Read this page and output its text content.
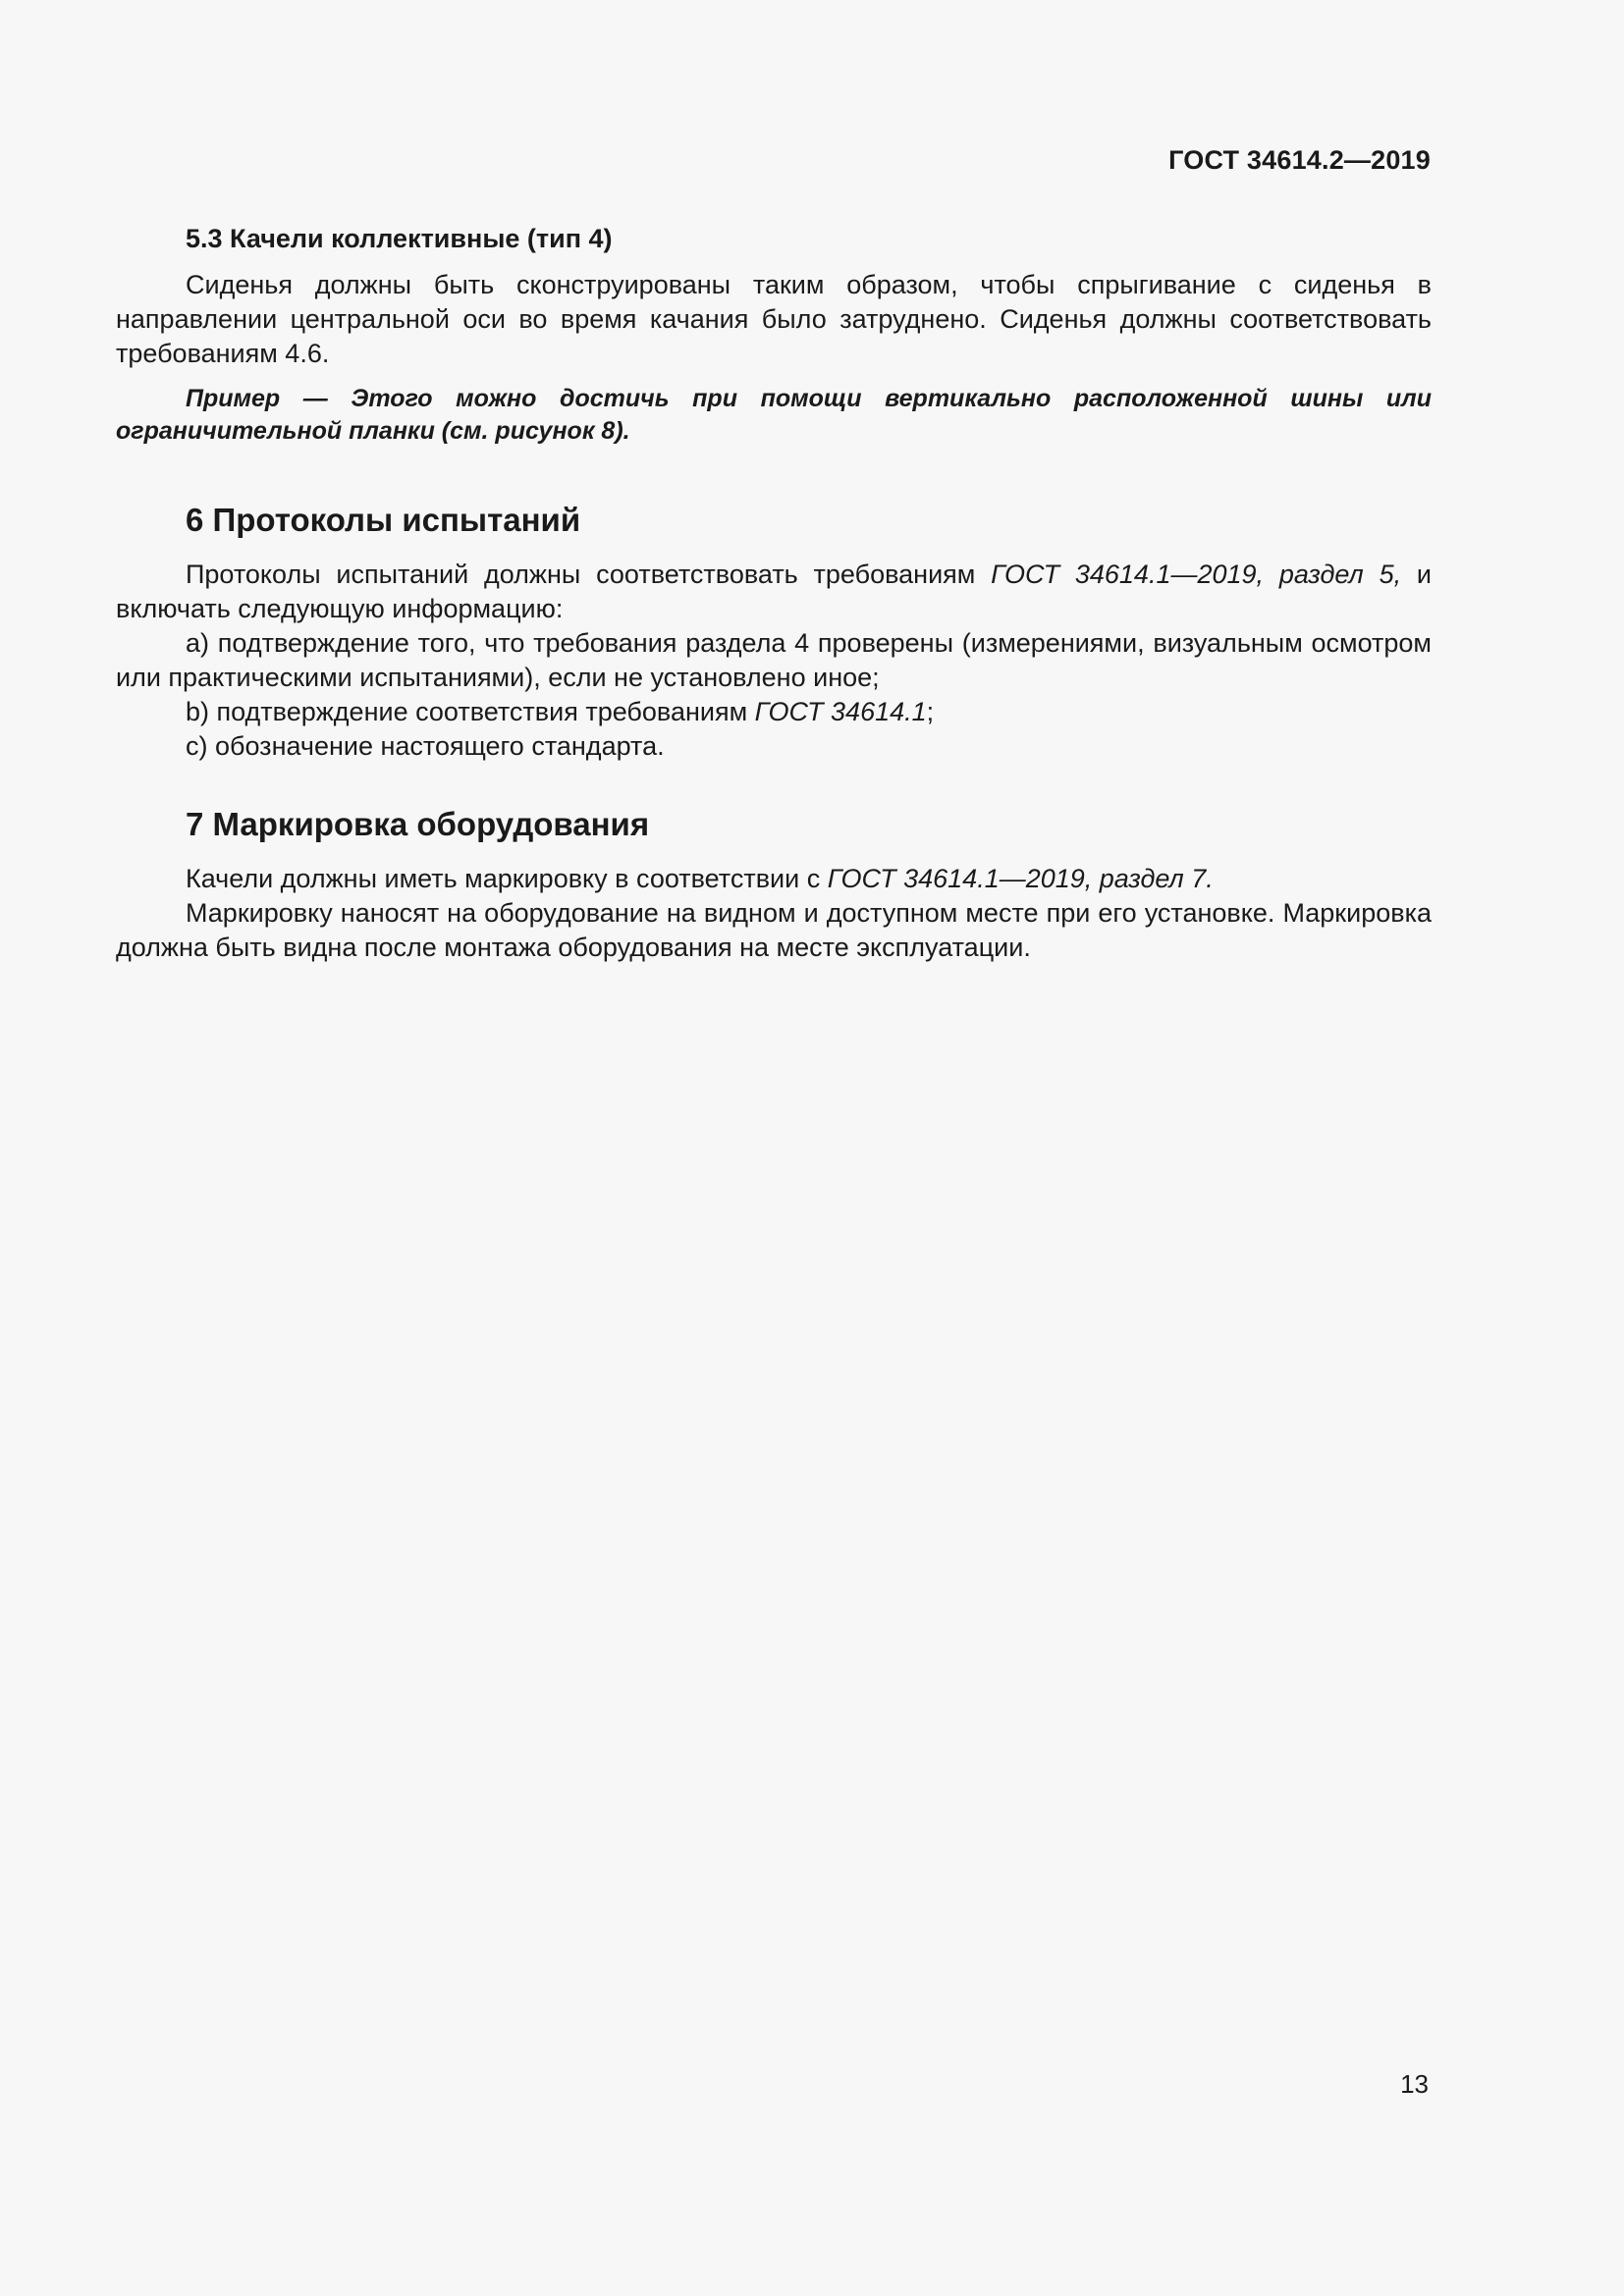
ГОСТ 34614.2—2019
5.3 Качели коллективные (тип 4)

Сиденья должны быть сконструированы таким образом, чтобы спрыгивание с сиденья в направлении центральной оси во время качания было затруднено. Сиденья должны соответствовать требованиям 4.6.

Пример — Этого можно достичь при помощи вертикально расположенной шины или ограничительной планки (см. рисунок 8).

6 Протоколы испытаний

Протоколы испытаний должны соответствовать требованиям ГОСТ 34614.1—2019, раздел 5, и включать следующую информацию:

a) подтверждение того, что требования раздела 4 проверены (измерениями, визуальным осмотром или практическими испытаниями), если не установлено иное;

b) подтверждение соответствия требованиям ГОСТ 34614.1;

c) обозначение настоящего стандарта.

7 Маркировка оборудования

Качели должны иметь маркировку в соответствии с ГОСТ 34614.1—2019, раздел 7.

Маркировку наносят на оборудование на видном и доступном месте при его установке. Маркировка должна быть видна после монтажа оборудования на месте эксплуатации.

13
